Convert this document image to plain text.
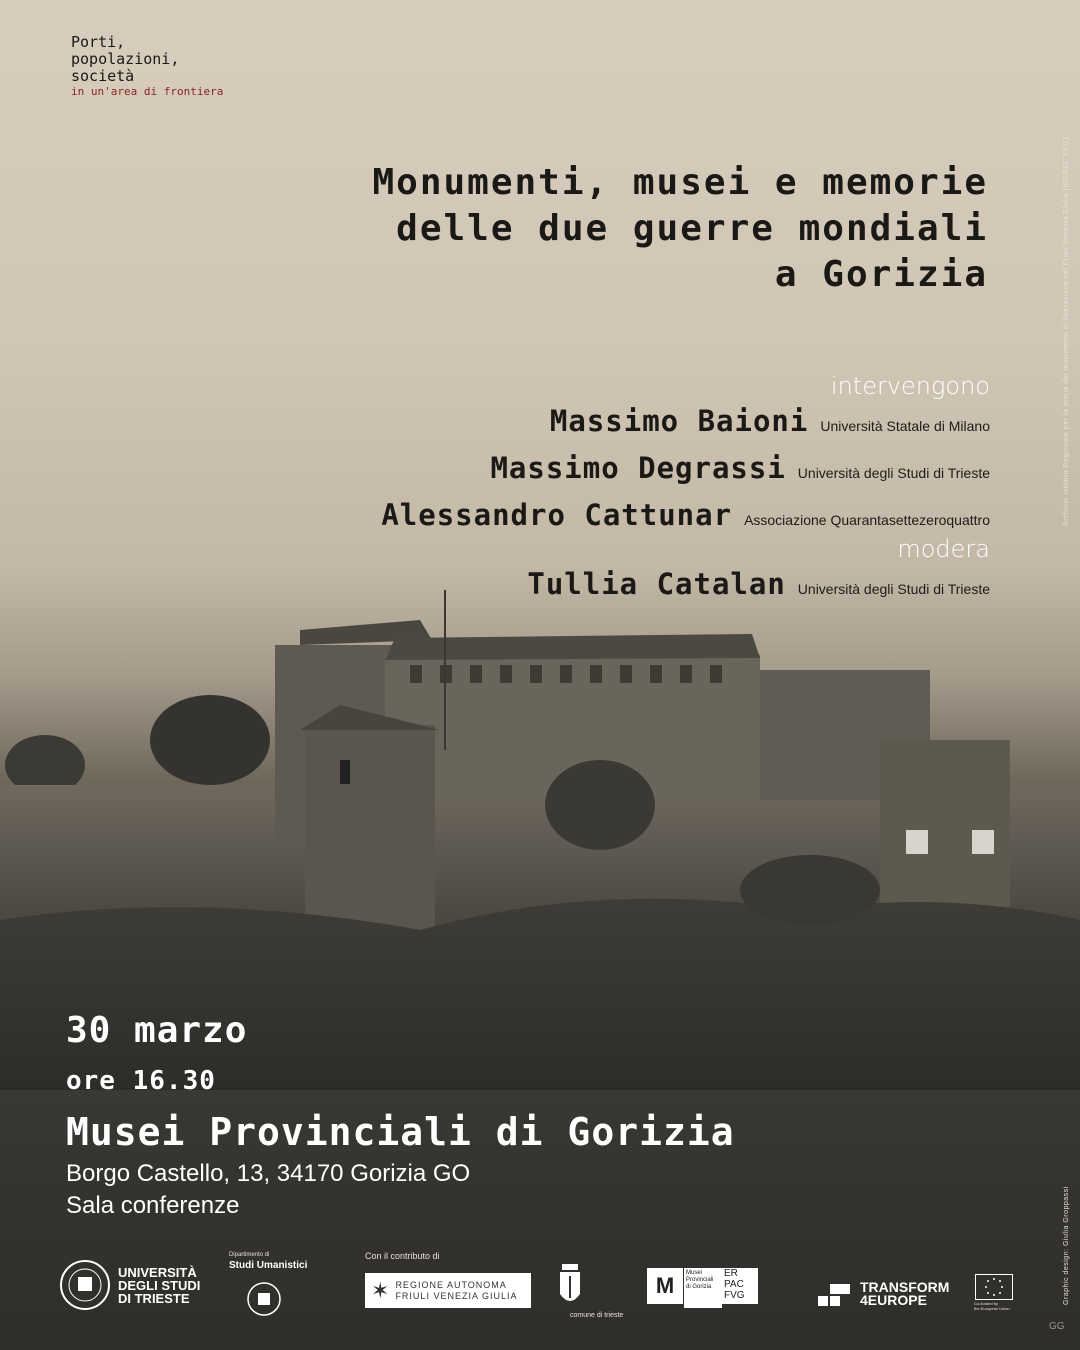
Porti,
popolazioni,
società
in un'area di frontiera
Monumenti, musei e memorie
delle due guerre mondiali
a Gorizia	Archivio Istituto Regionale per la storia del movimento di liberazione nel Friuli Venezia Giulia (IRSREC FVG)
intervengono
Massimo Baioni Università Statale di Milano
Massimo Degrassi Università degli Studi di Trieste
Alessandro Cattunar Associazione Quarantasettezeroquattro
modera
Tullia Catalan Università degli Studi di Trieste
30 marzo
ore 16.30
Musei Provinciali di Gorizia
Borgo Castello, 13, 34170 Gorizia GO
Sala conferenze	Graphic design: Giulia Groppassi
UNIVERSITÀ
DEGLI STUDI
DI TRIESTE
Dipartimento di
Studi Umanistici
Con il contributo di
✶ REGIONE AUTONOMA
FRIULI VENEZIA GIULIA
comune di trieste
M	Musei
Provinciali
di Gorizia
ER
PAC
FVG
TRANSFORM
4EUROPE	Co-funded by
the European Union
GG
